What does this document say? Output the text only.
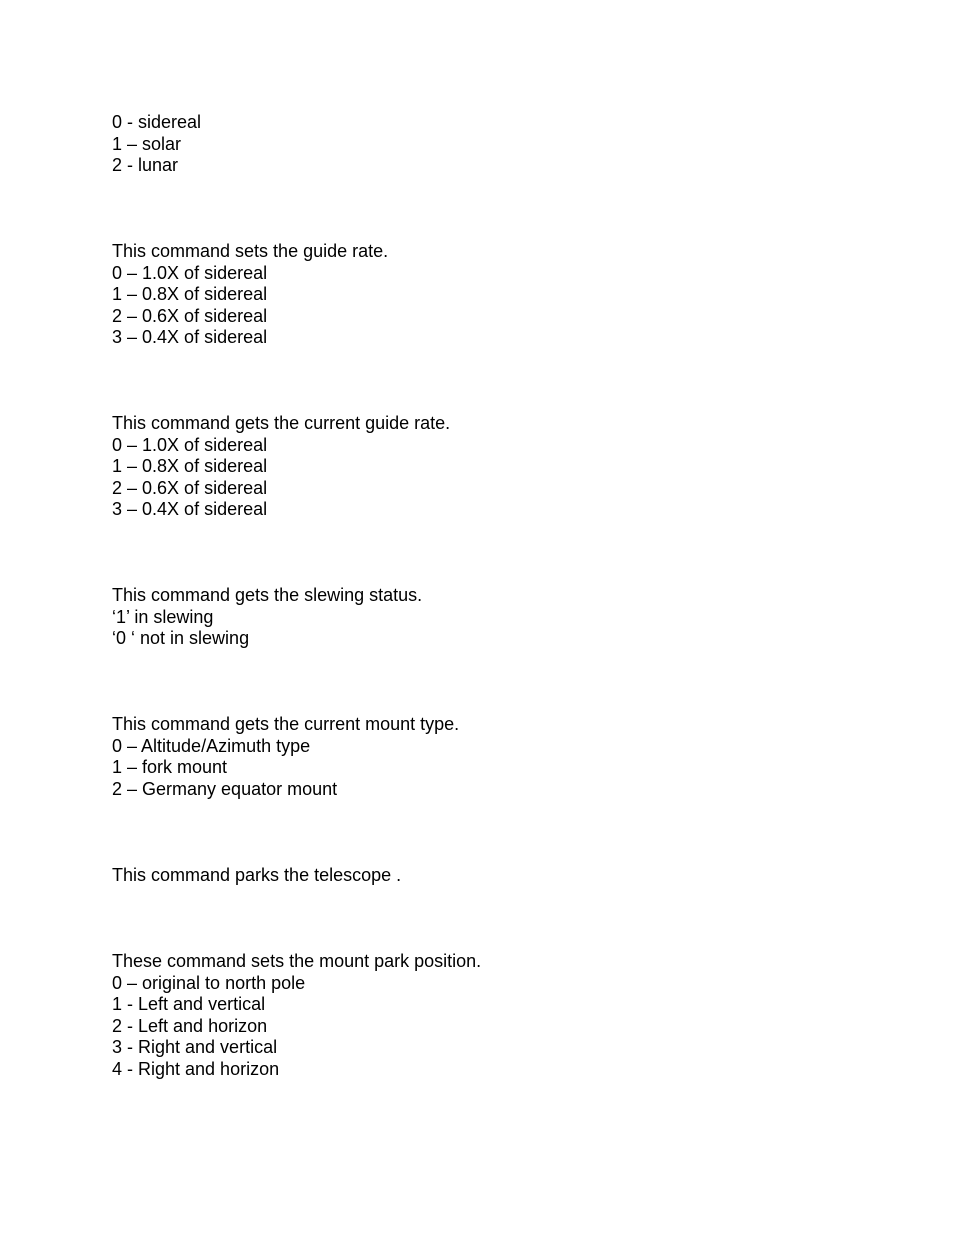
0 - sidereal
1 – solar
2 - lunar
This command sets the guide rate.
0 – 1.0X of sidereal
1 – 0.8X of sidereal
2 – 0.6X of sidereal
3 – 0.4X of sidereal
This command gets the current guide rate.
0 – 1.0X of sidereal
1 – 0.8X of sidereal
2 – 0.6X of sidereal
3 – 0.4X of sidereal
This command gets the slewing status.
‘1’ in slewing
‘0 ‘ not in slewing
This command gets the current mount type.
0 – Altitude/Azimuth type
1 – fork mount
2 – Germany equator mount
This command parks the telescope .
These command sets the mount park position.
0 – original to north pole
1 - Left and vertical
2 - Left and horizon
3 - Right and vertical
4 - Right and horizon
